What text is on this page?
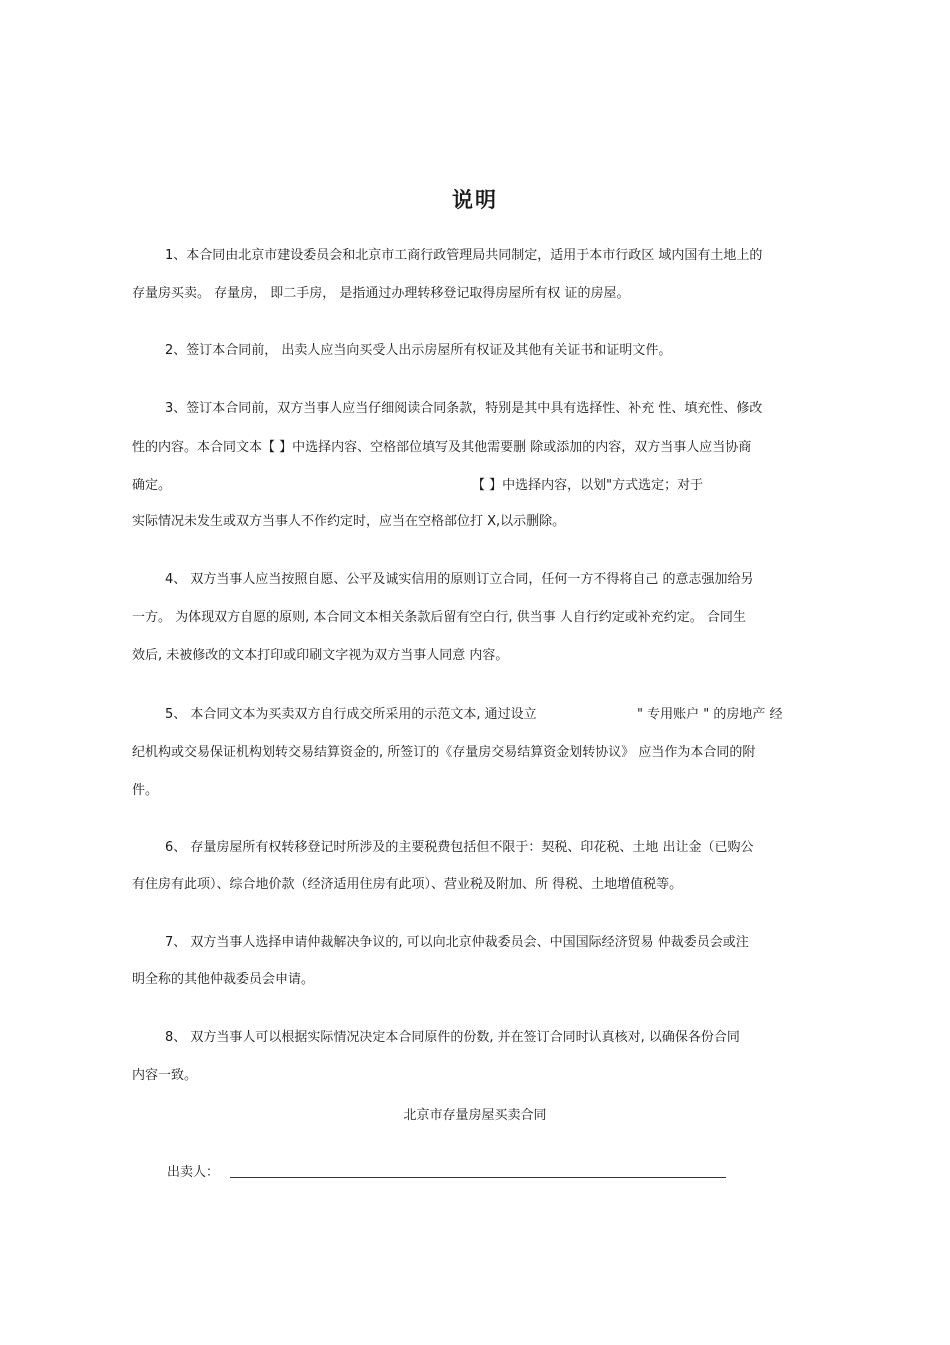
说明
1、本合同由北京市建设委员会和北京市工商行政管理局共同制定，适用于本市行政区 域内国有土地上的
存量房买卖。 存量房， 即二手房， 是指通过办理转移登记取得房屋所有权 证的房屋。
2、签订本合同前， 出卖人应当向买受人出示房屋所有权证及其他有关证书和证明文件。
3、签订本合同前，双方当事人应当仔细阅读合同条款，特别是其中具有选择性、补充 性、填充性、修改
性的内容。本合同文本【 】中选择内容、空格部位填写及其他需要删 除或添加的内容，双方当事人应当协商
确定。	【 】中选择内容，以划"方式选定；对于
实际情况未发生或双方当事人不作约定时，应当在空格部位打 X,以示删除。
4、 双方当事人应当按照自愿、公平及诚实信用的原则订立合同，任何一方不得将自己 的意志强加给另
一方。 为体现双方自愿的原则, 本合同文本相关条款后留有空白行, 供当事 人自行约定或补充约定。 合同生
效后, 未被修改的文本打印或印刷文字视为双方当事人同意 内容。
5、 本合同文本为买卖双方自行成交所采用的示范文本, 通过设立	" 专用账户 " 的房地产 经
纪机构或交易保证机构划转交易结算资金的, 所签订的《存量房交易结算资金划转协议》 应当作为本合同的附
件。
6、 存量房屋所有权转移登记时所涉及的主要税费包括但不限于：契税、印花税、土地 出让金（已购公
有住房有此项）、综合地价款（经济适用住房有此项）、营业税及附加、所 得税、土地增值税等。
7、 双方当事人选择申请仲裁解决争议的, 可以向北京仲裁委员会、中国国际经济贸易 仲裁委员会或注
明全称的其他仲裁委员会申请。
8、 双方当事人可以根据实际情况决定本合同原件的份数, 并在签订合同时认真核对, 以确保各份合同
内容一致。
北京市存量房屋买卖合同
出卖人：
